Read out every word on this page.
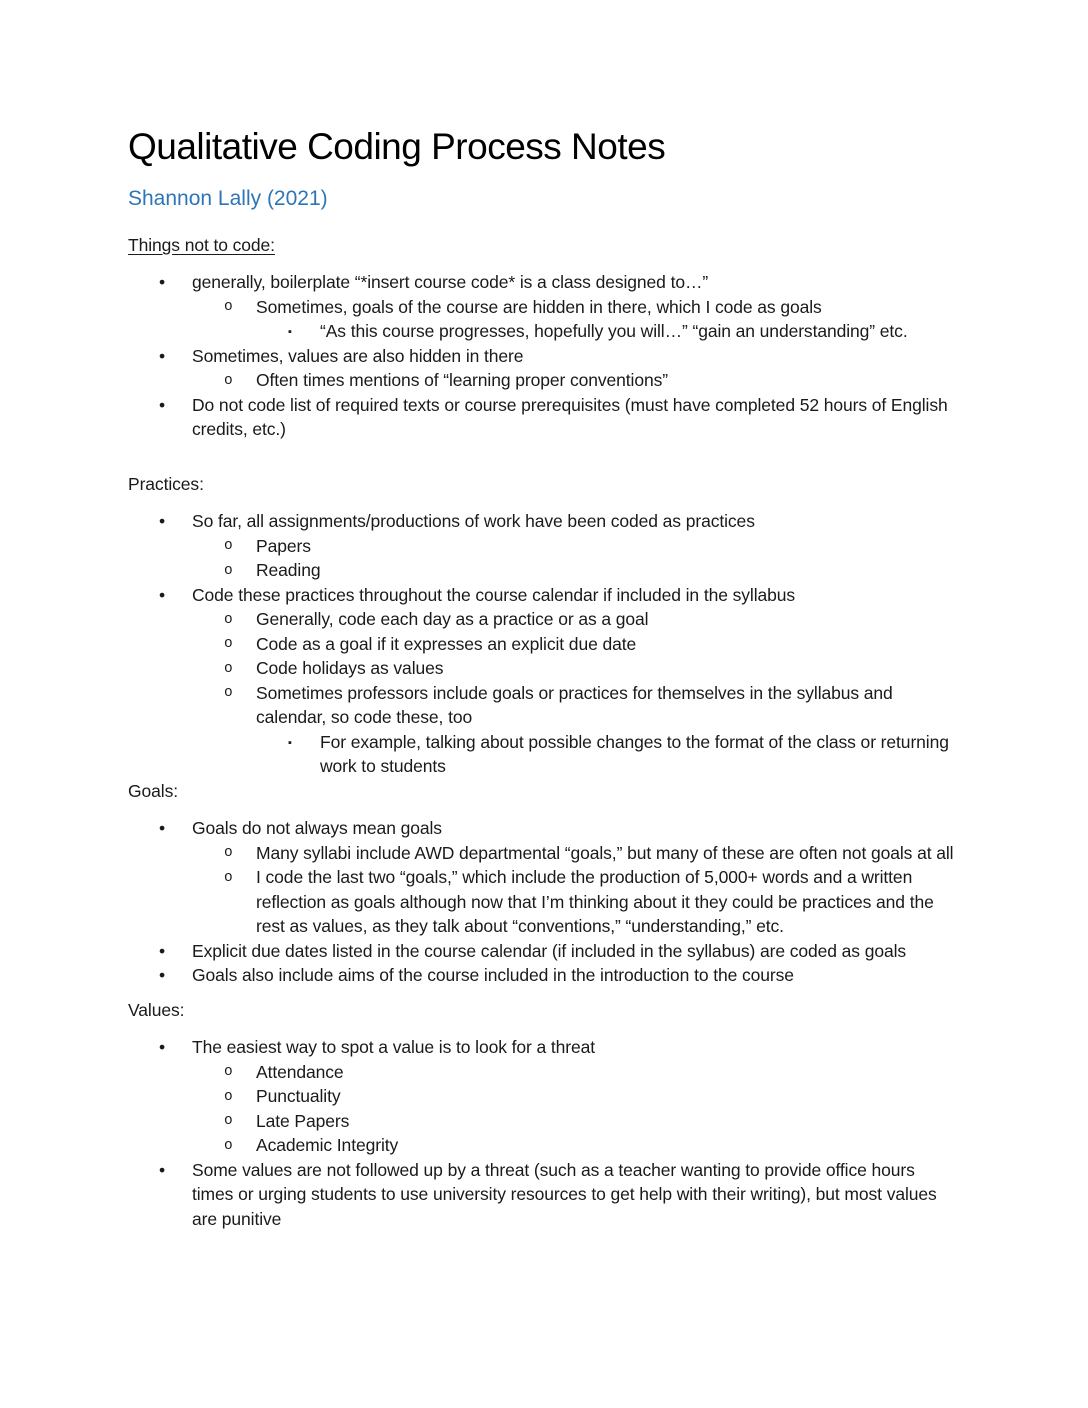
Qualitative Coding Process Notes
Shannon Lally (2021)

Things not to code:

• generally, boilerplate “*insert course code* is a class designed to…”
o Sometimes, goals of the course are hidden in there, which I code as goals
▪ “As this course progresses, hopefully you will…” “gain an understanding” etc.
• Sometimes, values are also hidden in there
o Often times mentions of “learning proper conventions”
• Do not code list of required texts or course prerequisites (must have completed 52 hours of English credits, etc.)

Practices:

• So far, all assignments/productions of work have been coded as practices
o Papers
o Reading
• Code these practices throughout the course calendar if included in the syllabus
o Generally, code each day as a practice or as a goal
o Code as a goal if it expresses an explicit due date
o Code holidays as values
o Sometimes professors include goals or practices for themselves in the syllabus and calendar, so code these, too
▪ For example, talking about possible changes to the format of the class or returning work to students

Goals:

• Goals do not always mean goals
o Many syllabi include AWD departmental “goals,” but many of these are often not goals at all
o I code the last two “goals,” which include the production of 5,000+ words and a written reflection as goals although now that I’m thinking about it they could be practices and the rest as values, as they talk about “conventions,” “understanding,” etc.
• Explicit due dates listed in the course calendar (if included in the syllabus) are coded as goals
• Goals also include aims of the course included in the introduction to the course

Values:

• The easiest way to spot a value is to look for a threat
o Attendance
o Punctuality
o Late Papers
o Academic Integrity
• Some values are not followed up by a threat (such as a teacher wanting to provide office hours times or urging students to use university resources to get help with their writing), but most values are punitive
